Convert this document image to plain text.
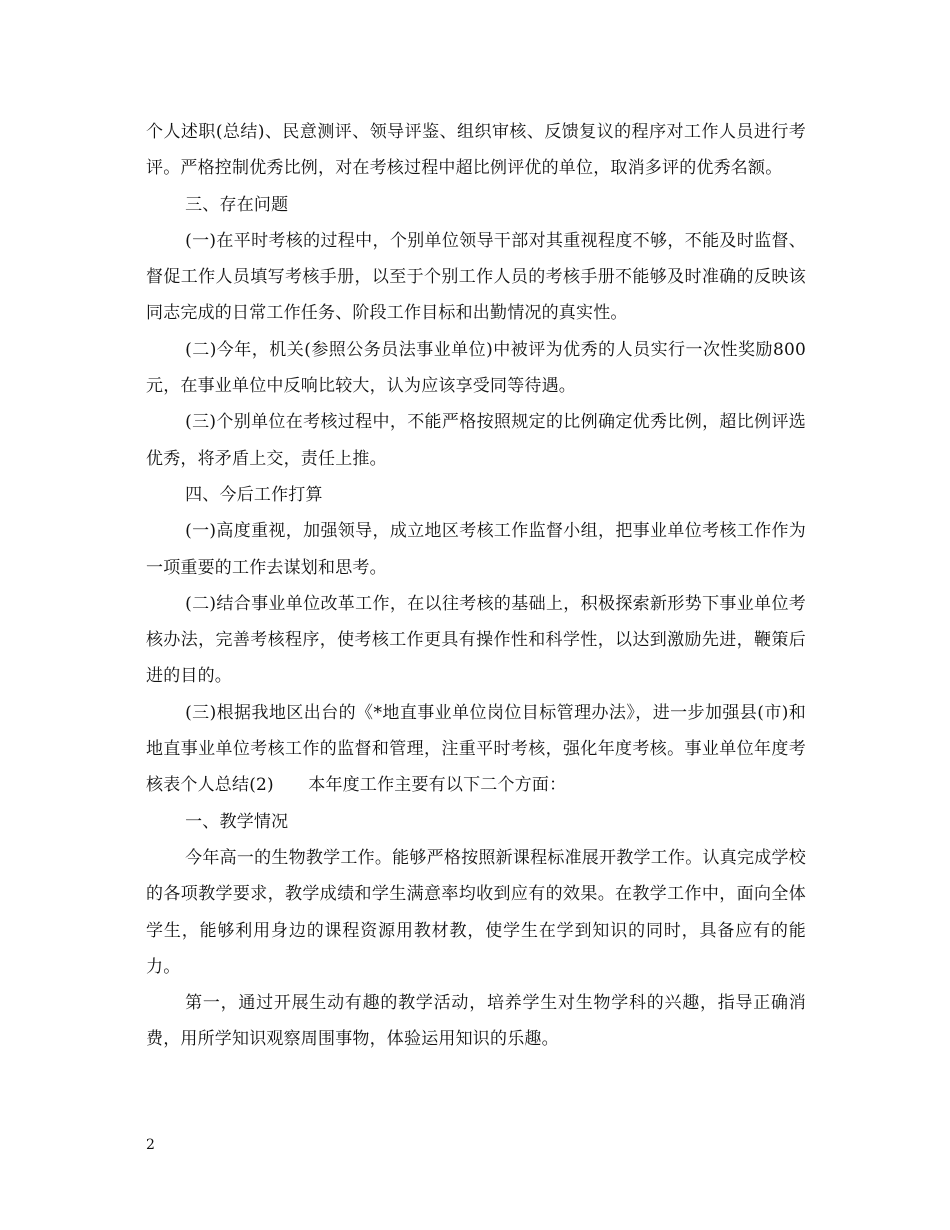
个人述职(总结)、民意测评、领导评鉴、组织审核、反馈复议的程序对工作人员进行考评。严格控制优秀比例，对在考核过程中超比例评优的单位，取消多评的优秀名额。

三、存在问题

(一)在平时考核的过程中，个别单位领导干部对其重视程度不够，不能及时监督、督促工作人员填写考核手册，以至于个别工作人员的考核手册不能够及时准确的反映该同志完成的日常工作任务、阶段工作目标和出勤情况的真实性。

(二)今年，机关(参照公务员法事业单位)中被评为优秀的人员实行一次性奖励800元，在事业单位中反响比较大，认为应该享受同等待遇。

(三)个别单位在考核过程中，不能严格按照规定的比例确定优秀比例，超比例评选优秀，将矛盾上交，责任上推。

四、今后工作打算

(一)高度重视，加强领导，成立地区考核工作监督小组，把事业单位考核工作作为一项重要的工作去谋划和思考。

(二)结合事业单位改革工作，在以往考核的基础上，积极探索新形势下事业单位考核办法，完善考核程序，使考核工作更具有操作性和科学性，以达到激励先进，鞭策后进的目的。

(三)根据我地区出台的《*地直事业单位岗位目标管理办法》，进一步加强县(市)和地直事业单位考核工作的监督和管理，注重平时考核，强化年度考核。事业单位年度考核表个人总结(2)　　本年度工作主要有以下二个方面：

一、教学情况

今年高一的生物教学工作。能够严格按照新课程标准展开教学工作。认真完成学校的各项教学要求，教学成绩和学生满意率均收到应有的效果。在教学工作中，面向全体学生，能够利用身边的课程资源用教材教，使学生在学到知识的同时，具备应有的能力。

第一，通过开展生动有趣的教学活动，培养学生对生物学科的兴趣，指导正确消费，用所学知识观察周围事物，体验运用知识的乐趣。

2
